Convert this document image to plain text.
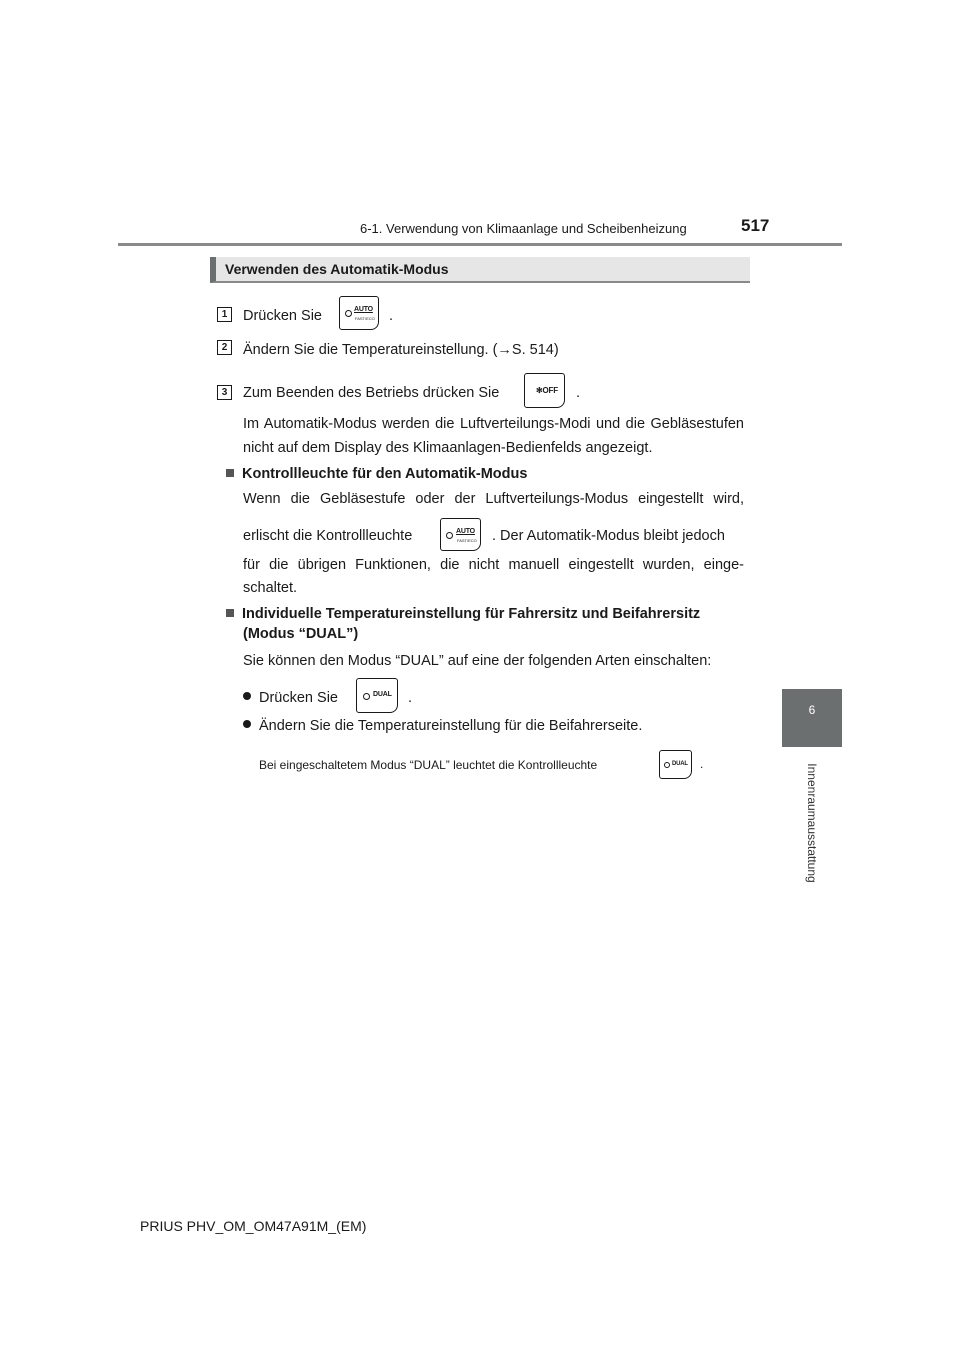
6-1. Verwendung von Klimaanlage und Scheibenheizung	517
6
Innenraumausstattung
Verwenden des Automatik-Modus
1	Drücken Sie	AUTO
FAST/ECO .
2	Ändern Sie die Temperatureinstellung. (→S. 514)
3	Zum Beenden des Betriebs drücken Sie	✻OFF .
Im Automatik-Modus werden die Luftverteilungs-Modi und die Gebläsestufen
nicht auf dem Display des Klimaanlagen-Bedienfelds angezeigt.
Kontrollleuchte für den Automatik-Modus
Wenn die Gebläsestufe oder der Luftverteilungs-Modus eingestellt wird,
erlischt die Kontrollleuchte	AUTO
FAST/ECO . Der Automatik-Modus bleibt jedoch
für die übrigen Funktionen, die nicht manuell eingestellt wurden, einge-
schaltet.
Individuelle Temperatureinstellung für Fahrersitz und Beifahrersitz
(Modus “DUAL”)
Sie können den Modus “DUAL” auf eine der folgenden Arten einschalten:
Drücken Sie	DUAL .
Ändern Sie die Temperatureinstellung für die Beifahrerseite.
Bei eingeschaltetem Modus “DUAL” leuchtet die Kontrollleuchte	DUAL .
PRIUS PHV_OM_OM47A91M_(EM)
